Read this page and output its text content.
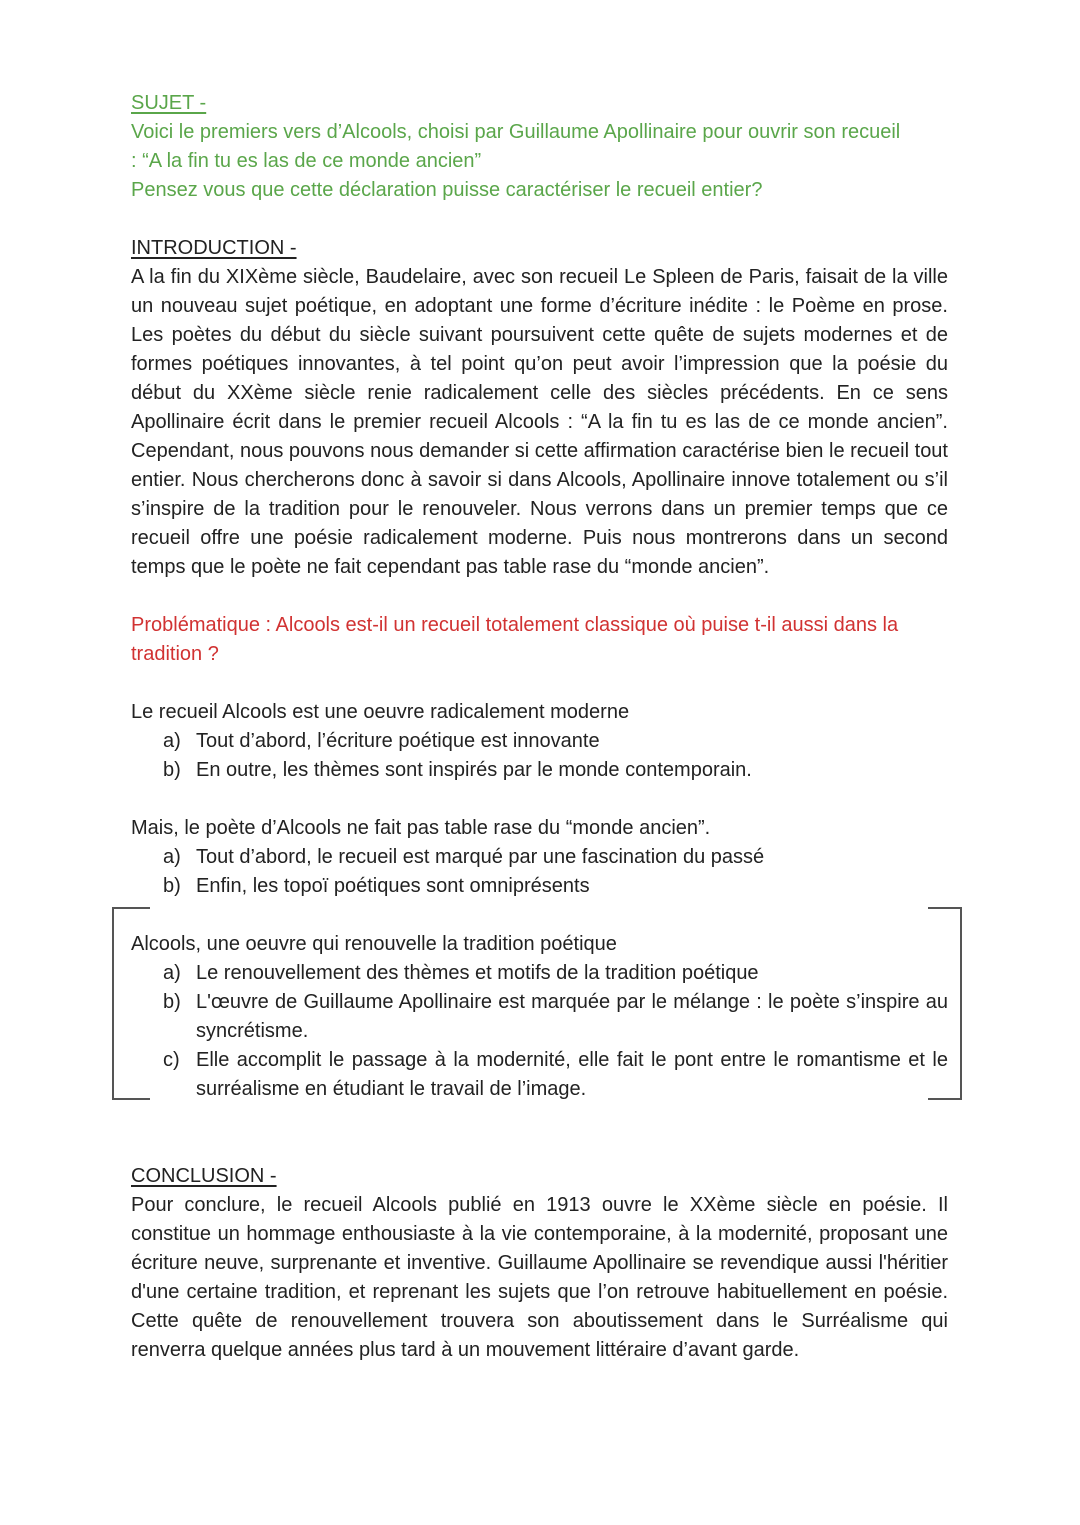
SUJET -

Voici le premiers vers d’Alcools, choisi par Guillaume Apollinaire pour ouvrir son recueil : “A la fin tu es las de ce monde ancien”

Pensez vous que cette déclaration puisse caractériser le recueil entier?

INTRODUCTION -

A la fin du XIXème siècle, Baudelaire, avec son recueil Le Spleen de Paris, faisait de la ville un nouveau sujet poétique, en adoptant une forme d’écriture inédite : le Poème en prose. Les poètes du début du siècle suivant poursuivent cette quête de sujets modernes et de formes poétiques innovantes, à tel point qu’on peut avoir l’impression que la poésie du début du XXème siècle renie radicalement celle des siècles précédents. En ce sens Apollinaire écrit dans le premier recueil Alcools : “A la fin tu es las de ce monde ancien”. Cependant, nous pouvons nous demander si cette affirmation caractérise bien le recueil tout entier. Nous chercherons donc à savoir si dans Alcools, Apollinaire innove totalement ou s’il s’inspire de la tradition pour le renouveler. Nous verrons dans un premier temps que ce recueil offre une poésie radicalement moderne. Puis nous montrerons dans un second temps que le poète ne fait cependant pas table rase du “monde ancien”.

Problématique : Alcools est-il un recueil totalement classique où puise t-il aussi dans la tradition ?

Le recueil Alcools est une oeuvre radicalement moderne

a) Tout d’abord, l’écriture poétique est innovante
b) En outre, les thèmes sont inspirés par le monde contemporain.

Mais, le poète d’Alcools ne fait pas table rase du “monde ancien”.

a) Tout d’abord, le recueil est marqué par une fascination du passé
b) Enfin, les topoï poétiques sont omniprésents

Alcools, une oeuvre qui renouvelle la tradition poétique

a) Le renouvellement des thèmes et motifs de la tradition poétique
b) L'œuvre de Guillaume Apollinaire est marquée par le mélange : le poète s’inspire au syncrétisme.
c) Elle accomplit le passage à la modernité, elle fait le pont entre le romantisme et le surréalisme en étudiant le travail de l’image.
CONCLUSION -

Pour conclure, le recueil Alcools publié en 1913 ouvre le XXème siècle en poésie. Il constitue un hommage enthousiaste à la vie contemporaine, à la modernité, proposant une écriture neuve, surprenante et inventive. Guillaume Apollinaire se revendique aussi l'héritier d'une certaine tradition, et reprenant les sujets que l’on retrouve habituellement en poésie. Cette quête de renouvellement trouvera son aboutissement dans le Surréalisme qui renverra quelque années plus tard à un mouvement littéraire d’avant garde.
